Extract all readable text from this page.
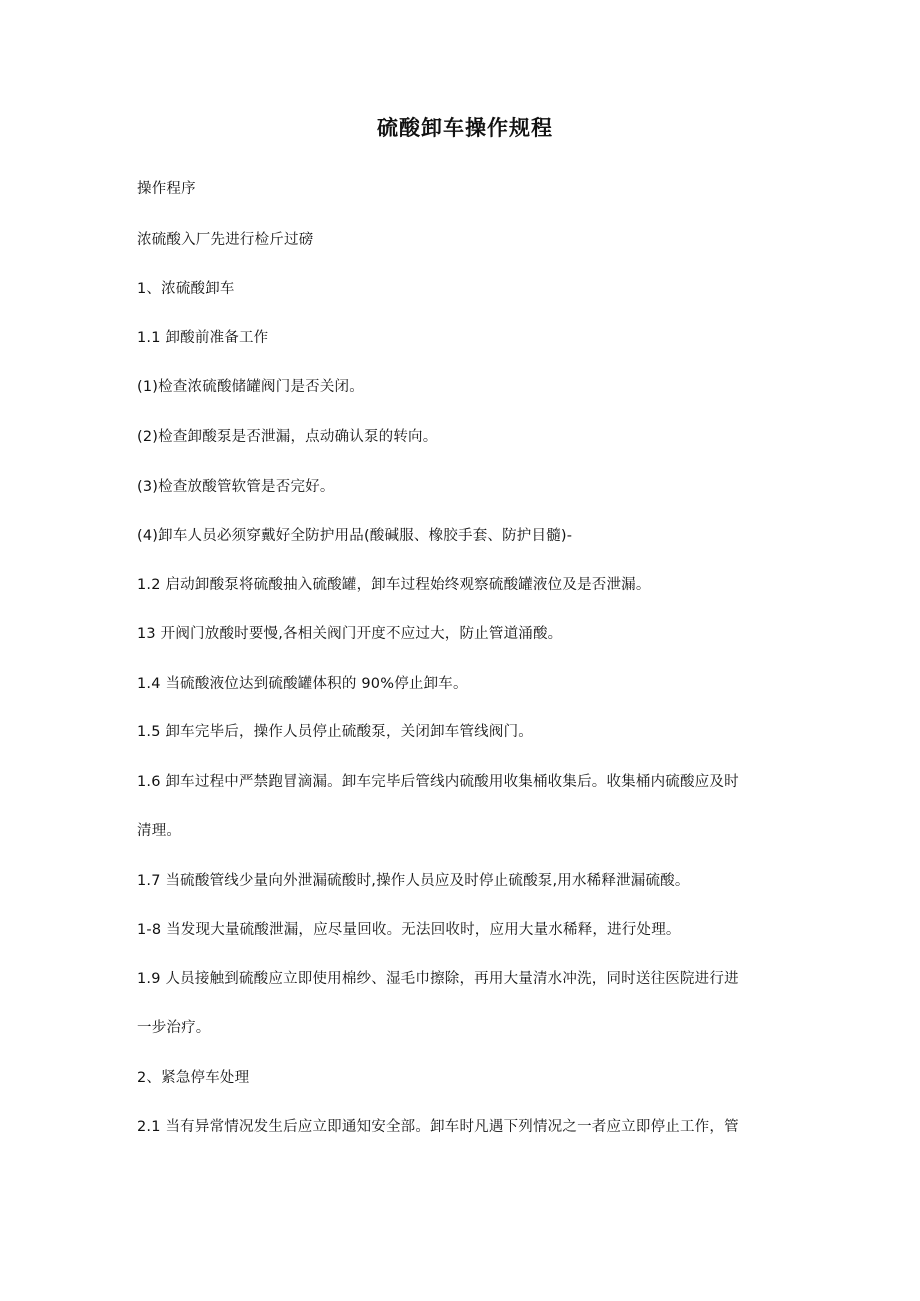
硫酸卸车操作规程
操作程序
浓硫酸入厂先进行检斤过磅
1、浓硫酸卸车
1.1 卸酸前准备工作
(1)检查浓硫酸储罐阀门是否关闭。
(2)检查卸酸泵是否泄漏，点动确认泵的转向。
(3)检查放酸管软管是否完好。
(4)卸车人员必须穿戴好全防护用品(酸碱服、橡胶手套、防护目髓)-
1.2 启动卸酸泵将硫酸抽入硫酸罐，卸车过程始终观察硫酸罐液位及是否泄漏。
13 开阀门放酸时要慢,各相关阀门开度不应过大，防止管道涌酸。
1.4 当硫酸液位达到硫酸罐体积的 90%停止卸车。
1.5 卸车完毕后，操作人员停止硫酸泵，关闭卸车管线阀门。
1.6 卸车过程中严禁跑冒滴漏。卸车完毕后管线内硫酸用收集桶收集后。收集桶内硫酸应及时
清理。
1.7 当硫酸管线少量向外泄漏硫酸时,操作人员应及时停止硫酸泵,用水稀释泄漏硫酸。
1-8 当发现大量硫酸泄漏，应尽量回收。无法回收时，应用大量水稀释，进行处理。
1.9 人员接触到硫酸应立即使用棉纱、湿毛巾擦除，再用大量清水冲洗，同时送往医院进行进
一步治疗。
2、紧急停车处理
2.1 当有异常情况发生后应立即通知安全部。卸车时凡遇下列情况之一者应立即停止工作，管
